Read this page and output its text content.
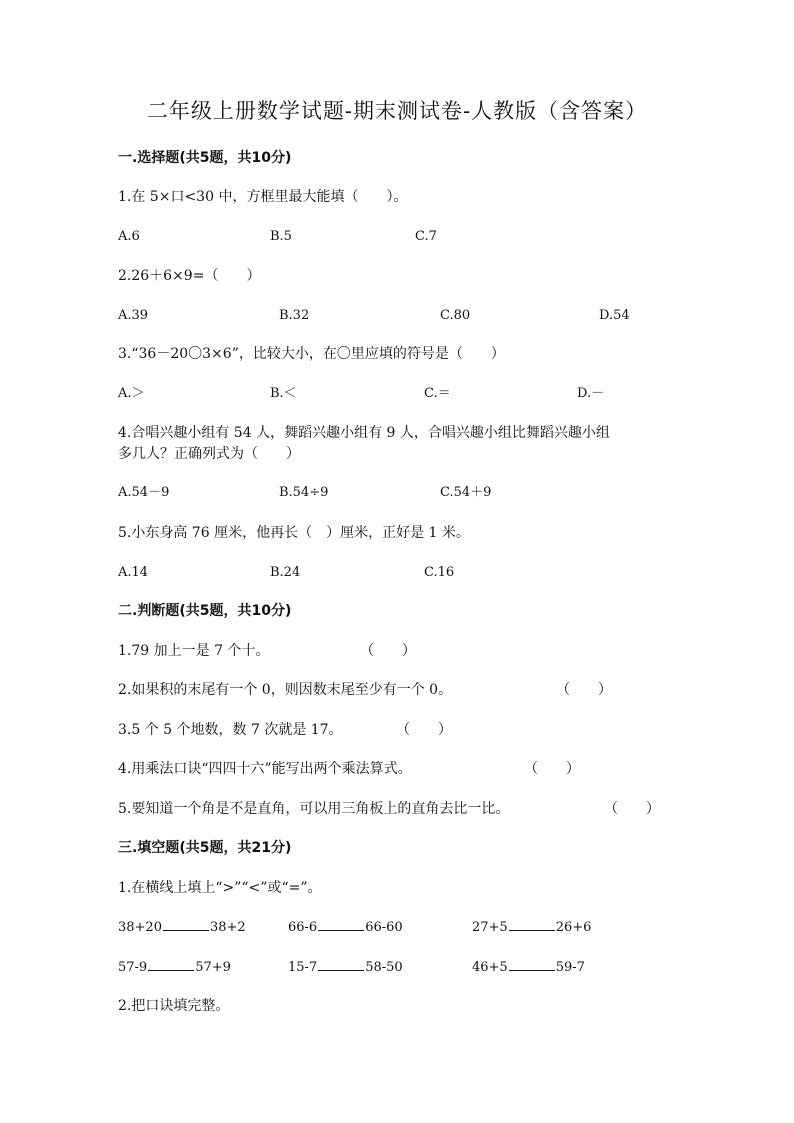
二年级上册数学试题-期末测试卷-人教版（含答案）
一.选择题(共5题，共10分)
1.在 5×口<30 中，方框里最大能填（　　）。
A.6	B.5	C.7
2.26＋6×9=（　　）
A.39	B.32	C.80	D.54
3.“36－20〇3×6”，比较大小，在〇里应填的符号是（　　）
A.＞	B.＜	C.＝	D.－
4.合唱兴趣小组有 54 人，舞蹈兴趣小组有 9 人，合唱兴趣小组比舞蹈兴趣小组
多几人？正确列式为（　　）
A.54－9	B.54÷9	C.54＋9
5.小东身高 76 厘米，他再长（　）厘米，正好是 1 米。
A.14	B.24	C.16
二.判断题(共5题，共10分)
1.79 加上一是 7 个十。	（　　）
2.如果积的末尾有一个 0，则因数末尾至少有一个 0。	（　　）
3.5 个 5 个地数，数 7 次就是 17。	（　　）
4.用乘法口诀“四四十六”能写出两个乘法算式。	（　　）
5.要知道一个角是不是直角，可以用三角板上的直角去比一比。	（　　）
三.填空题(共5题，共21分)
1.在横线上填上“>”“<”或“=”。
38+20	38+2	66-6	66-60	27+5	26+6
57-9	57+9	15-7	58-50	46+5	59-7
2.把口诀填完整。
